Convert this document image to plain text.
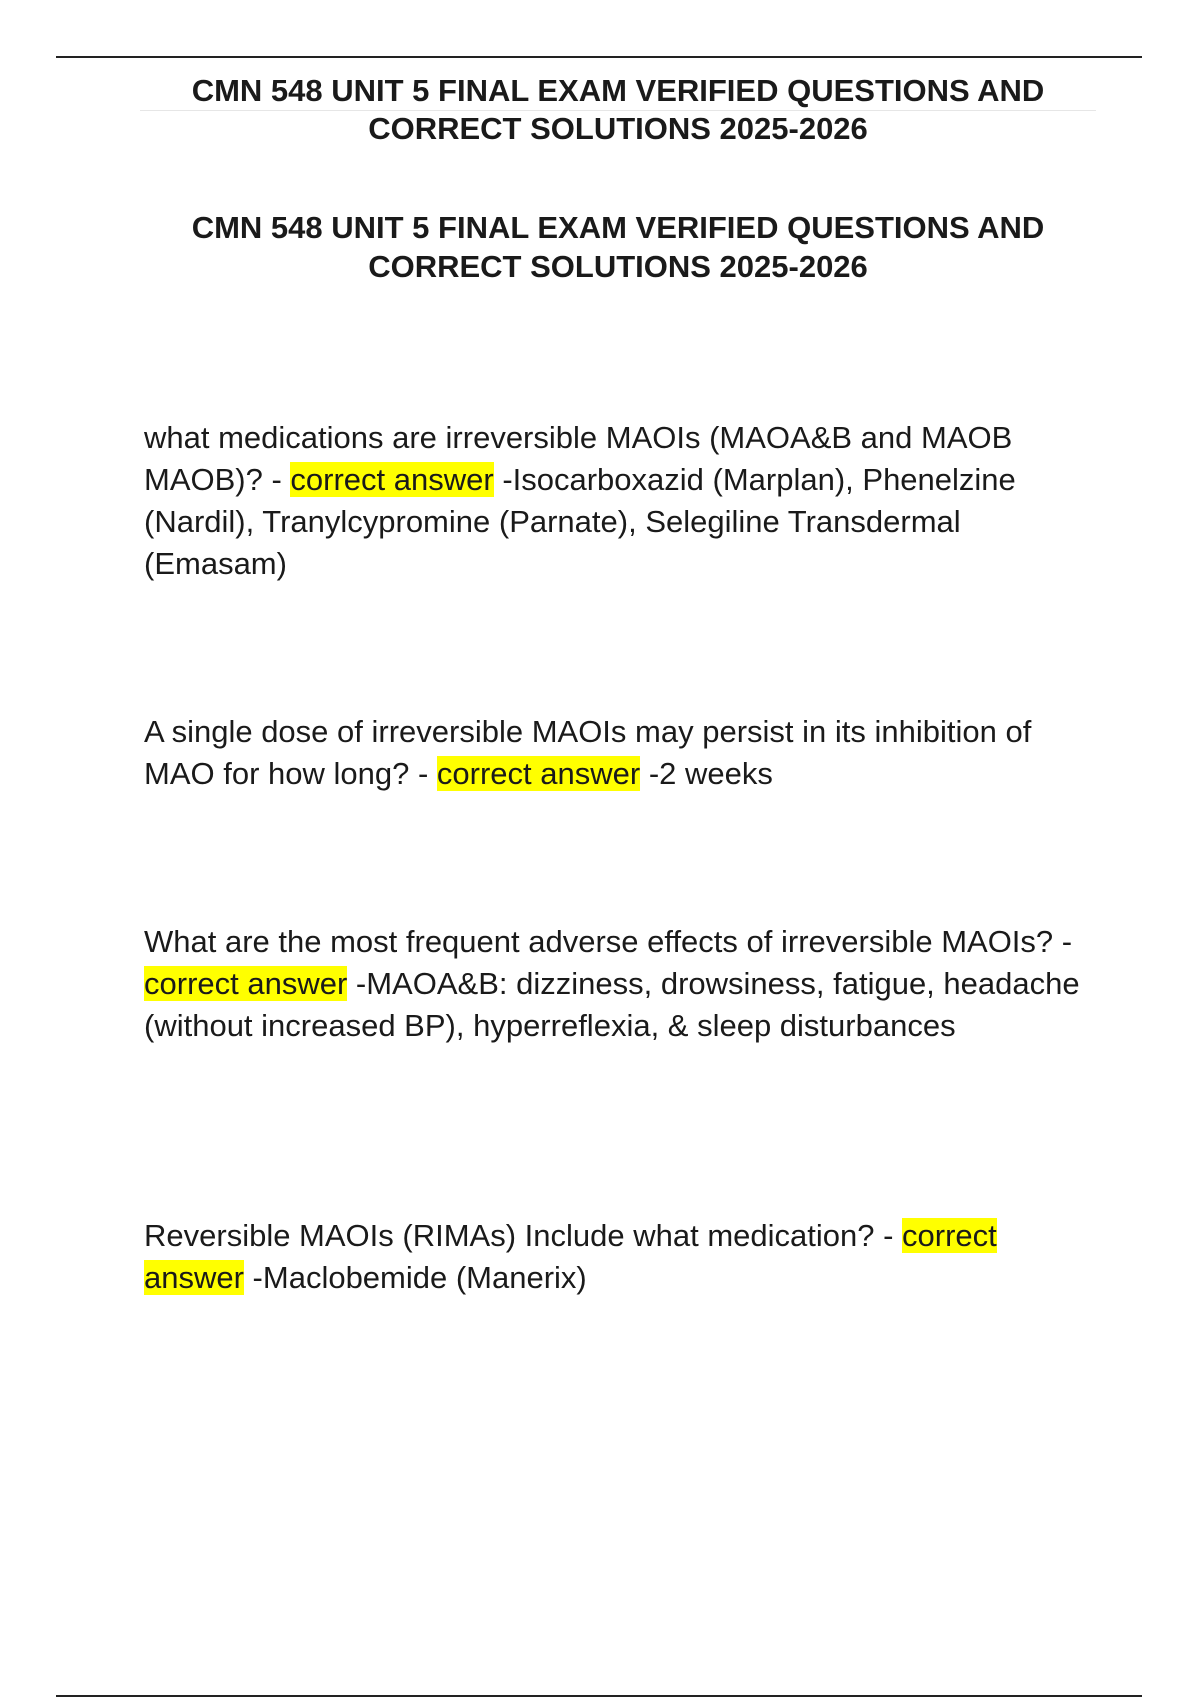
CMN 548 UNIT 5 FINAL EXAM VERIFIED QUESTIONS AND CORRECT SOLUTIONS 2025-2026
CMN 548 UNIT 5 FINAL EXAM VERIFIED QUESTIONS AND CORRECT SOLUTIONS 2025-2026

what medications are irreversible MAOIs (MAOA&B and MAOB MAOB)? - correct answer -Isocarboxazid (Marplan), Phenelzine (Nardil), Tranylcypromine (Parnate), Selegiline Transdermal (Emasam)

A single dose of irreversible MAOIs may persist in its inhibition of MAO for how long? - correct answer -2 weeks

What are the most frequent adverse effects of irreversible MAOIs? - correct answer -MAOA&B: dizziness, drowsiness, fatigue, headache (without increased BP), hyperreflexia, & sleep disturbances

Reversible MAOIs (RIMAs) Include what medication? - correct answer -Maclobemide (Manerix)
